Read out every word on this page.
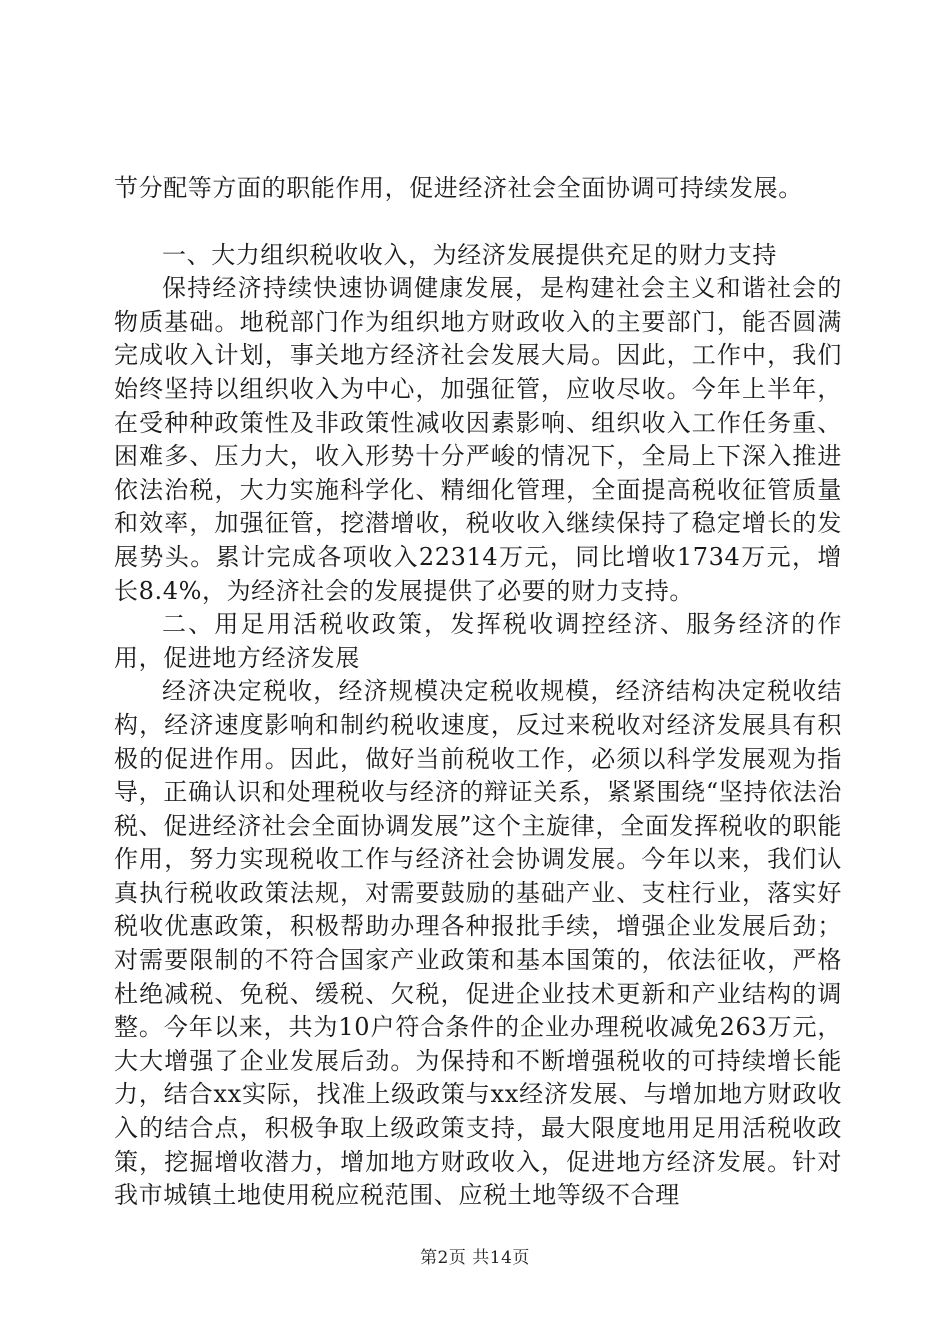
节分配等方面的职能作用，促进经济社会全面协调可持续发展。

一、大力组织税收收入，为经济发展提供充足的财力支持

保持经济持续快速协调健康发展，是构建社会主义和谐社会的物质基础。地税部门作为组织地方财政收入的主要部门，能否圆满完成收入计划，事关地方经济社会发展大局。因此，工作中，我们始终坚持以组织收入为中心，加强征管，应收尽收。今年上半年，在受种种政策性及非政策性减收因素影响、组织收入工作任务重、困难多、压力大，收入形势十分严峻的情况下，全局上下深入推进依法治税，大力实施科学化、精细化管理，全面提高税收征管质量和效率，加强征管，挖潜增收，税收收入继续保持了稳定增长的发展势头。累计完成各项收入22314万元，同比增收1734万元，增长8.4%，为经济社会的发展提供了必要的财力支持。

二、用足用活税收政策，发挥税收调控经济、服务经济的作用，促进地方经济发展

经济决定税收，经济规模决定税收规模，经济结构决定税收结构，经济速度影响和制约税收速度，反过来税收对经济发展具有积极的促进作用。因此，做好当前税收工作，必须以科学发展观为指导，正确认识和处理税收与经济的辩证关系，紧紧围绕“坚持依法治税、促进经济社会全面协调发展”这个主旋律，全面发挥税收的职能作用，努力实现税收工作与经济社会协调发展。今年以来，我们认真执行税收政策法规，对需要鼓励的基础产业、支柱行业，落实好税收优惠政策，积极帮助办理各种报批手续，增强企业发展后劲；对需要限制的不符合国家产业政策和基本国策的，依法征收，严格杜绝减税、免税、缓税、欠税，促进企业技术更新和产业结构的调整。今年以来，共为10户符合条件的企业办理税收减免263万元，大大增强了企业发展后劲。为保持和不断增强税收的可持续增长能力，结合xx实际，找准上级政策与xx经济发展、与增加地方财政收入的结合点，积极争取上级政策支持，最大限度地用足用活税收政策，挖掘增收潜力，增加地方财政收入，促进地方经济发展。针对我市城镇土地使用税应税范围、应税土地等级不合理

第2页 共14页
